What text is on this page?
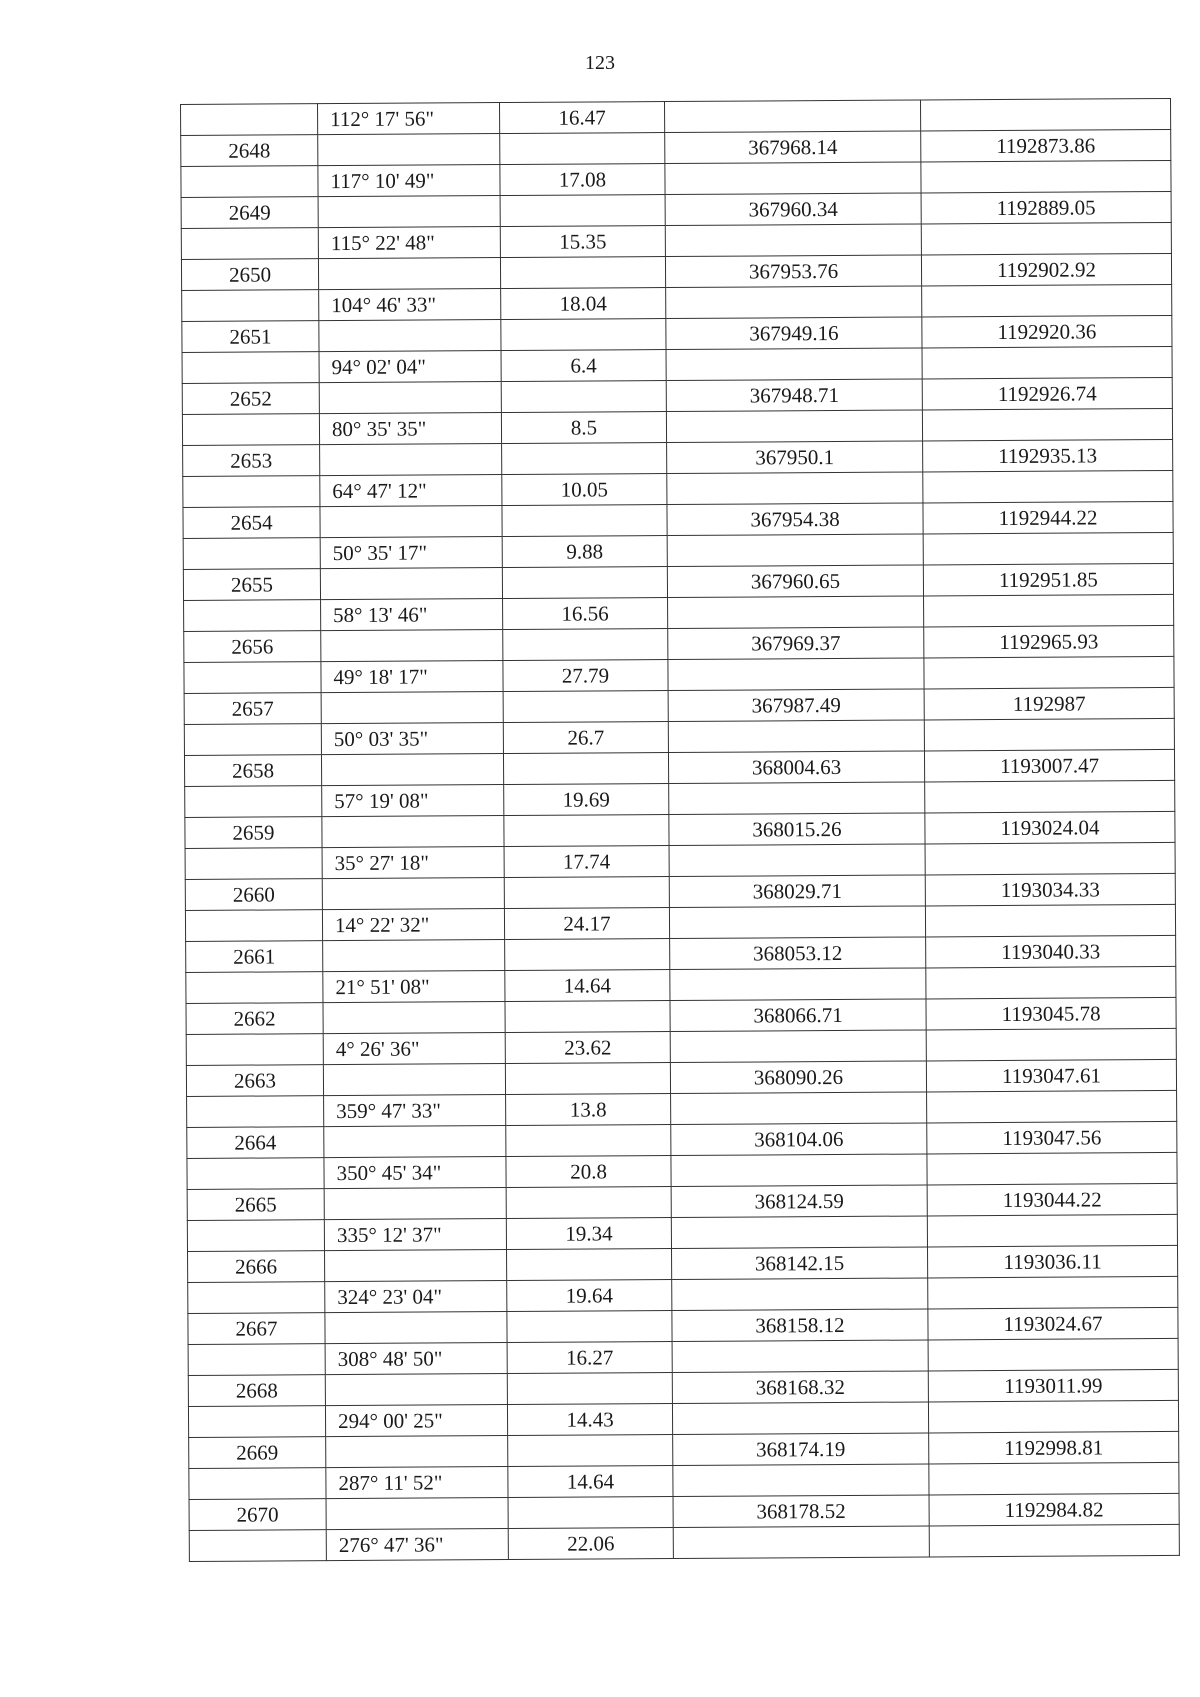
123
	112° 17' 56"	16.47		
2648			367968.14	1192873.86
	117° 10' 49"	17.08		
2649			367960.34	1192889.05
	115° 22' 48"	15.35		
2650			367953.76	1192902.92
	104° 46' 33"	18.04		
2651			367949.16	1192920.36
	94° 02' 04"	6.4		
2652			367948.71	1192926.74
	80° 35' 35"	8.5		
2653			367950.1	1192935.13
	64° 47' 12"	10.05		
2654			367954.38	1192944.22
	50° 35' 17"	9.88		
2655			367960.65	1192951.85
	58° 13' 46"	16.56		
2656			367969.37	1192965.93
	49° 18' 17"	27.79		
2657			367987.49	1192987
	50° 03' 35"	26.7		
2658			368004.63	1193007.47
	57° 19' 08"	19.69		
2659			368015.26	1193024.04
	35° 27' 18"	17.74		
2660			368029.71	1193034.33
	14° 22' 32"	24.17		
2661			368053.12	1193040.33
	21° 51' 08"	14.64		
2662			368066.71	1193045.78
	4° 26' 36"	23.62		
2663			368090.26	1193047.61
	359° 47' 33"	13.8		
2664			368104.06	1193047.56
	350° 45' 34"	20.8		
2665			368124.59	1193044.22
	335° 12' 37"	19.34		
2666			368142.15	1193036.11
	324° 23' 04"	19.64		
2667			368158.12	1193024.67
	308° 48' 50"	16.27		
2668			368168.32	1193011.99
	294° 00' 25"	14.43		
2669			368174.19	1192998.81
	287° 11' 52"	14.64		
2670			368178.52	1192984.82
	276° 47' 36"	22.06		
